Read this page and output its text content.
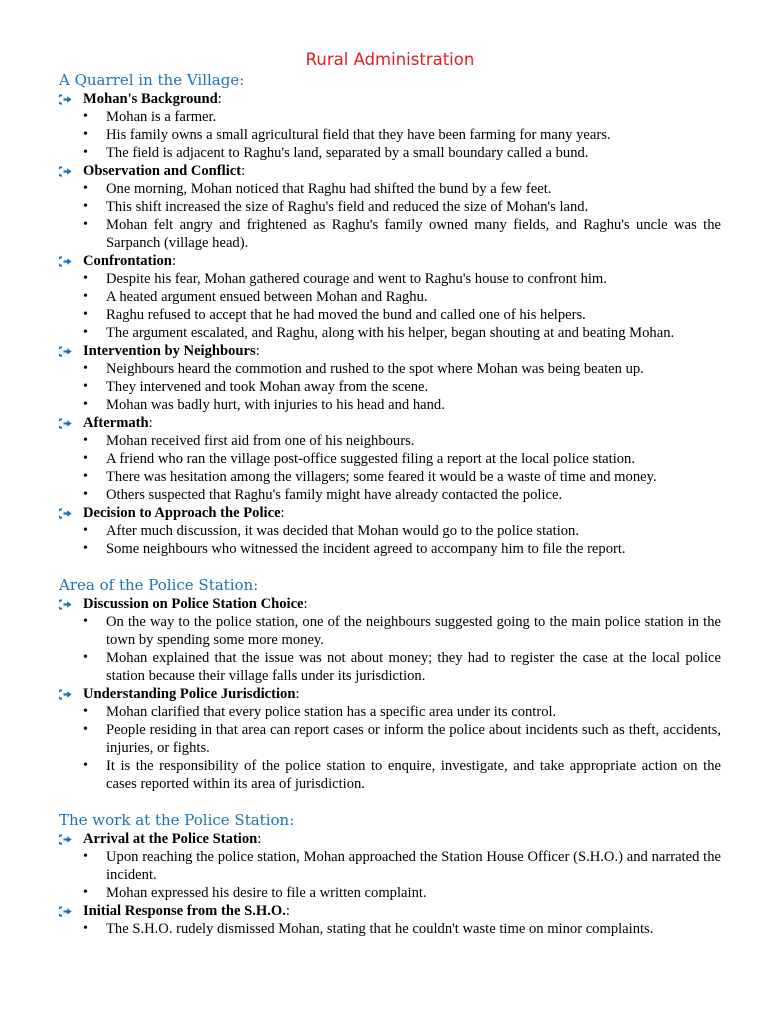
Rural Administration
A Quarrel in the Village:
Mohan's Background :
• Mohan is a farmer.
• His family owns a small agricultural field that they have been farming for many years.
• The field is adjacent to Raghu's land, separated by a small boundary called a bund.
Observation and Conflict :
• One morning, Mohan noticed that Raghu had shifted the bund by a few feet.
• This shift increased the size of Raghu's field and reduced the size of Mohan's land.
• Mohan felt angry and frightened as Raghu's family owned many fields, and Raghu's uncle was the Sarpanch (village head).
Confrontation :
• Despite his fear, Mohan gathered courage and went to Raghu's house to confront him.
• A heated argument ensued between Mohan and Raghu.
• Raghu refused to accept that he had moved the bund and called one of his helpers.
• The argument escalated, and Raghu, along with his helper, began shouting at and beating Mohan.
Intervention by Neighbours :
• Neighbours heard the commotion and rushed to the spot where Mohan was being beaten up.
• They intervened and took Mohan away from the scene.
• Mohan was badly hurt, with injuries to his head and hand.
Aftermath :
• Mohan received first aid from one of his neighbours.
• A friend who ran the village post-office suggested filing a report at the local police station.
• There was hesitation among the villagers; some feared it would be a waste of time and money.
• Others suspected that Raghu's family might have already contacted the police.
Decision to Approach the Police :
• After much discussion, it was decided that Mohan would go to the police station.
• Some neighbours who witnessed the incident agreed to accompany him to file the report.
Area of the Police Station:
Discussion on Police Station Choice :
• On the way to the police station, one of the neighbours suggested going to the main police station in the town by spending some more money.
• Mohan explained that the issue was not about money; they had to register the case at the local police station because their village falls under its jurisdiction.
Understanding Police Jurisdiction :
• Mohan clarified that every police station has a specific area under its control.
• People residing in that area can report cases or inform the police about incidents such as theft, accidents, injuries, or fights.
• It is the responsibility of the police station to enquire, investigate, and take appropriate action on the cases reported within its area of jurisdiction.
The work at the Police Station:
Arrival at the Police Station :
• Upon reaching the police station, Mohan approached the Station House Officer (S.H.O.) and narrated the incident.
• Mohan expressed his desire to file a written complaint.
Initial Response from the S.H.O. :
• The S.H.O. rudely dismissed Mohan, stating that he couldn't waste time on minor complaints.
